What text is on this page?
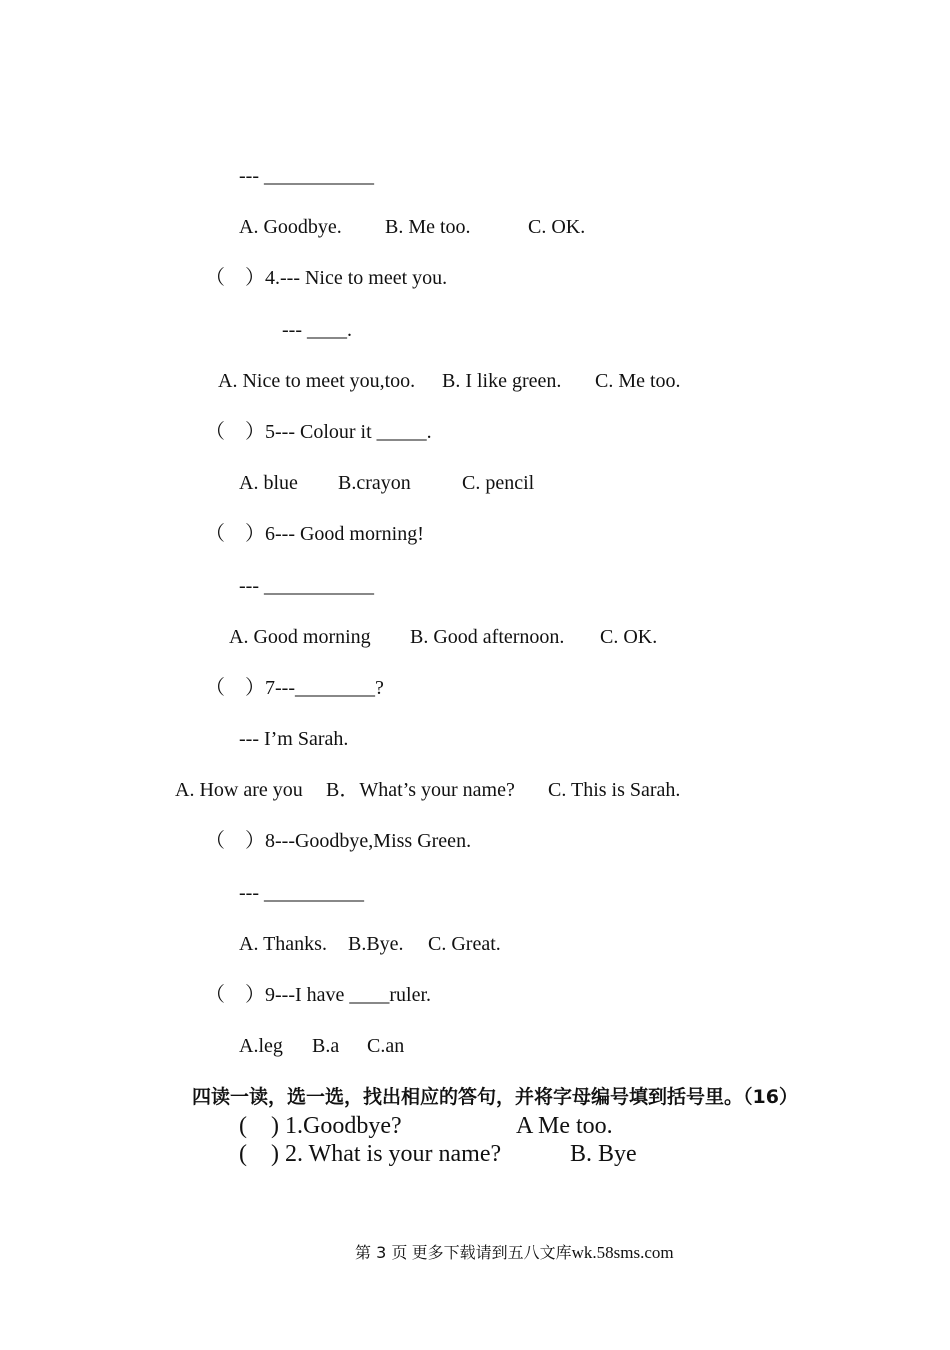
--- ___________
A. Goodbye. B. Me too.	C. OK.
（　）4.--- Nice to meet you.
--- ____.
A. Nice to meet you,too. B. I like green. C. Me too.
（　）5--- Colour it _____.
A. blue B.crayon	C. pencil
（　）6--- Good morning!
--- ___________
A. Good morning B. Good afternoon. C. OK.
（　）7---________?
--- I’m Sarah.
A. How are you B．What’s your name? C. This is Sarah.
（　）8---Goodbye,Miss Green.
--- __________
A. Thanks. B.Bye. C. Great.
（　）9---I have ____ruler.
A.leg B.a C.an
四读一读，选一选，找出相应的答句，并将字母编号填到括号里。（16）
(    ) 1.Goodbye?	A Me too.
(    ) 2. What is your name?	B. Bye
第 3 页 更多下载请到五八文库wk.58sms.com
